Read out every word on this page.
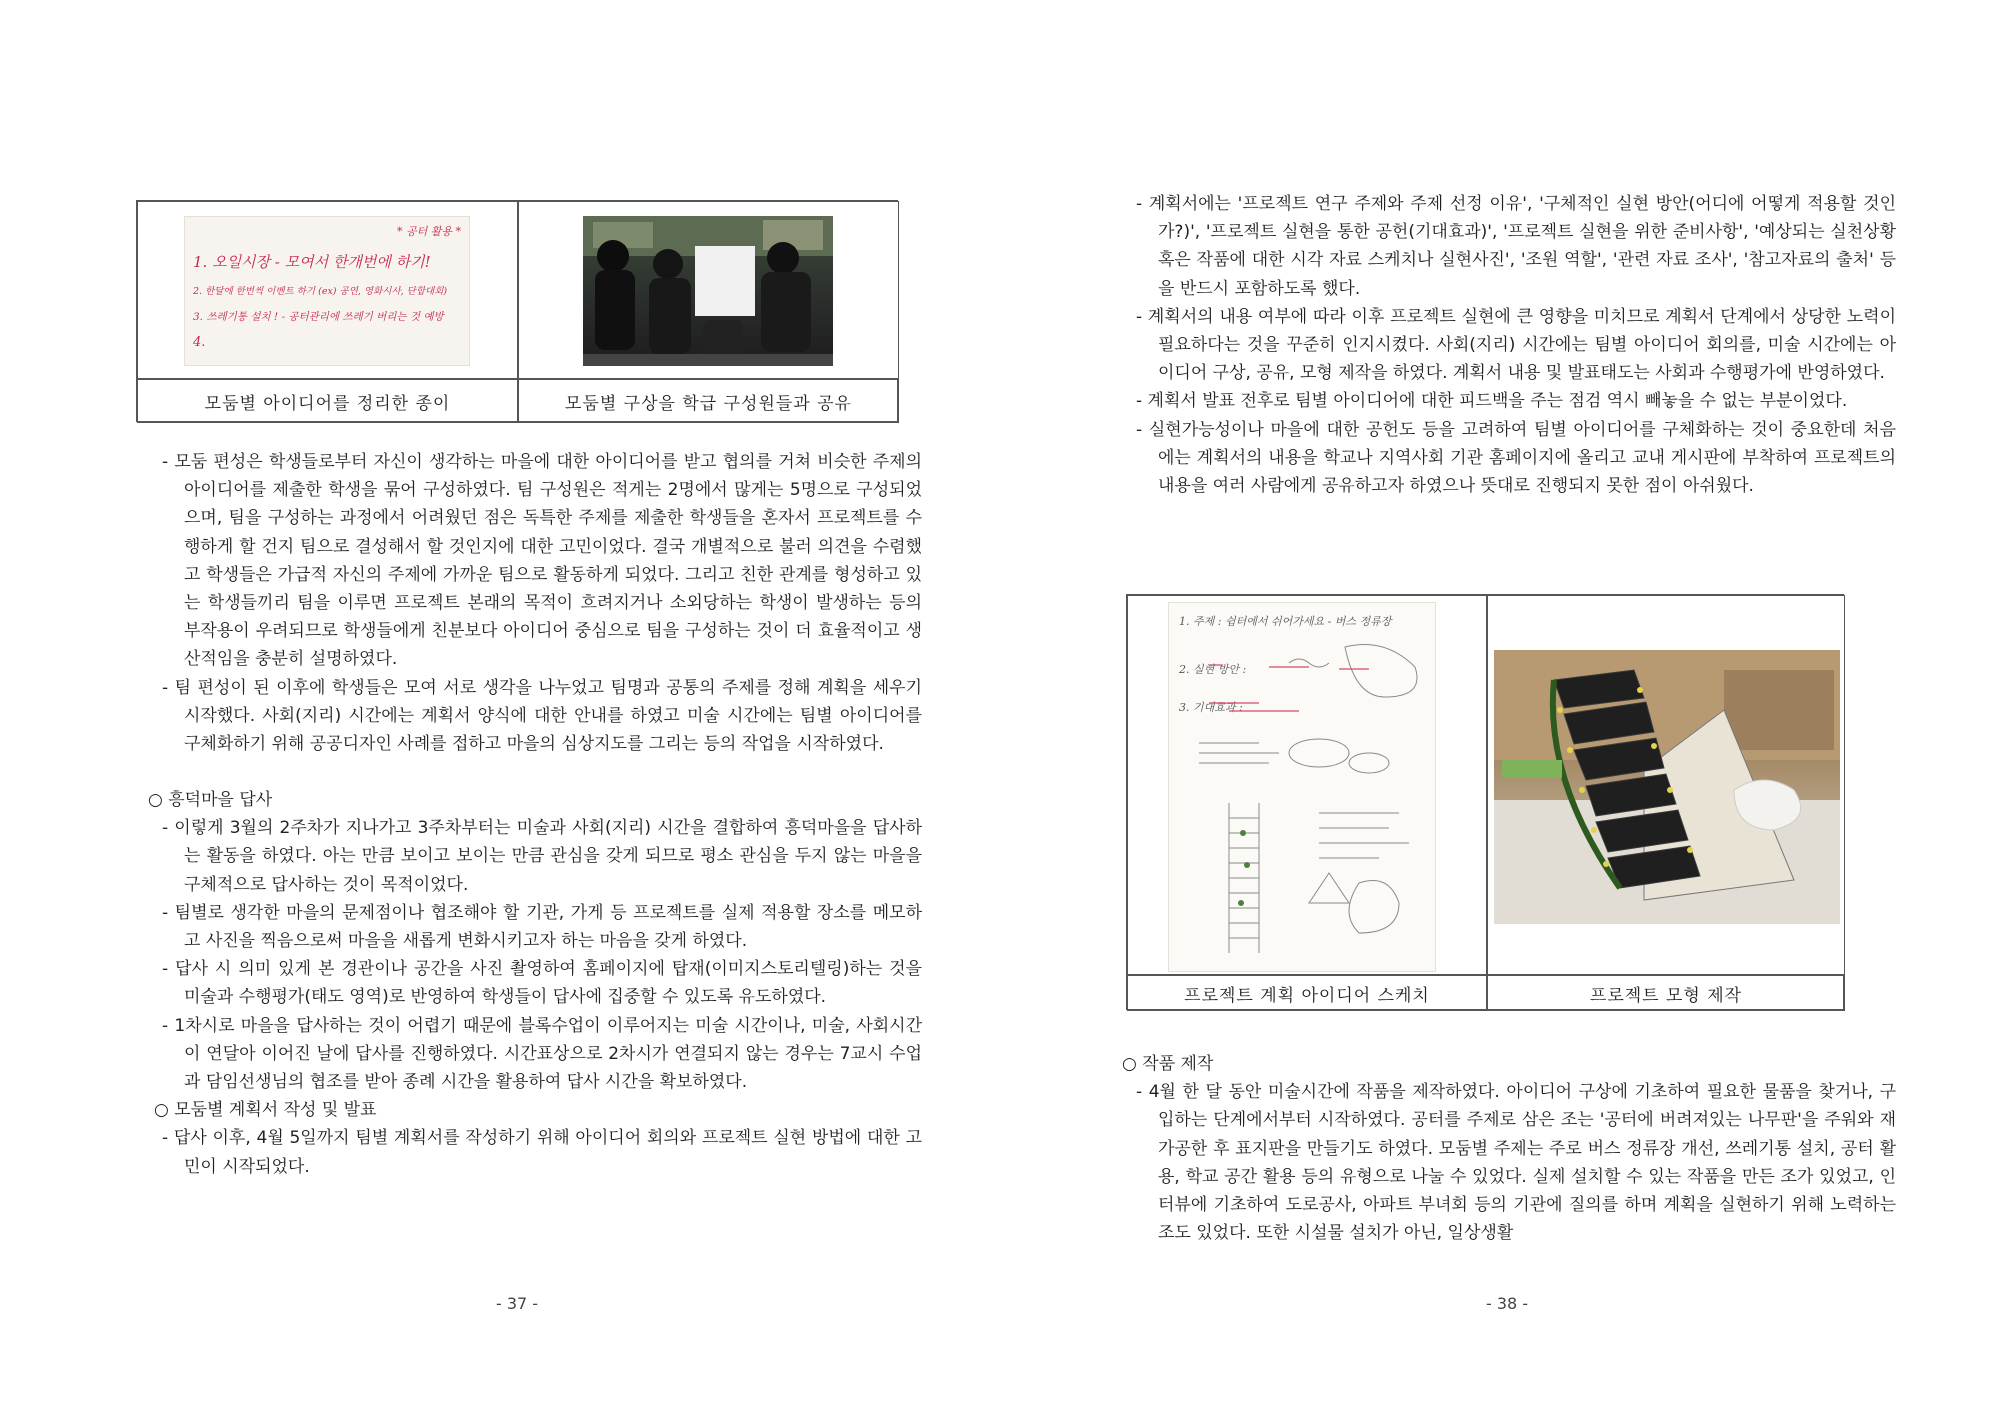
* 공터 활용 *
1. 오일시장 - 모여서 한개번에 하기!
2. 한달에 한번씩 이벤트 하기 (ex) 공연, 영화시사, 단합대회)
3. 쓰레기통 설치 ! - 공터관리에 쓰레기 버리는 것 예방
4.
모둠별 아이디어를 정리한 종이	모둠별 구상을 학급 구성원들과 공유

- 모둠 편성은 학생들로부터 자신이 생각하는 마을에 대한 아이디어를 받고 협의를 거쳐 비슷한 주제의 아이디어를 제출한 학생을 묶어 구성하였다. 팀 구성원은 적게는 2명에서 많게는 5명으로 구성되었으며, 팀을 구성하는 과정에서 어려웠던 점은 독특한 주제를 제출한 학생들을 혼자서 프로젝트를 수행하게 할 건지 팀으로 결성해서 할 것인지에 대한 고민이었다. 결국 개별적으로 불러 의견을 수렴했고 학생들은 가급적 자신의 주제에 가까운 팀으로 활동하게 되었다. 그리고 친한 관계를 형성하고 있는 학생들끼리 팀을 이루면 프로젝트 본래의 목적이 흐려지거나 소외당하는 학생이 발생하는 등의 부작용이 우려되므로 학생들에게 친분보다 아이디어 중심으로 팀을 구성하는 것이 더 효율적이고 생산적임을 충분히 설명하였다.

- 팀 편성이 된 이후에 학생들은 모여 서로 생각을 나누었고 팀명과 공통의 주제를 정해 계획을 세우기 시작했다. 사회(지리) 시간에는 계획서 양식에 대한 안내를 하였고 미술 시간에는 팀별 아이디어를 구체화하기 위해 공공디자인 사례를 접하고 마을의 심상지도를 그리는 등의 작업을 시작하였다.

○ 흥덕마을 답사

- 이렇게 3월의 2주차가 지나가고 3주차부터는 미술과 사회(지리) 시간을 결합하여 흥덕마을을 답사하는 활동을 하였다. 아는 만큼 보이고 보이는 만큼 관심을 갖게 되므로 평소 관심을 두지 않는 마을을 구체적으로 답사하는 것이 목적이었다.

- 팀별로 생각한 마을의 문제점이나 협조해야 할 기관, 가게 등 프로젝트를 실제 적용할 장소를 메모하고 사진을 찍음으로써 마을을 새롭게 변화시키고자 하는 마음을 갖게 하였다.

- 답사 시 의미 있게 본 경관이나 공간을 사진 촬영하여 홈페이지에 탑재(이미지스토리텔링)하는 것을 미술과 수행평가(태도 영역)로 반영하여 학생들이 답사에 집중할 수 있도록 유도하였다.

- 1차시로 마을을 답사하는 것이 어렵기 때문에 블록수업이 이루어지는 미술 시간이나, 미술, 사회시간이 연달아 이어진 날에 답사를 진행하였다. 시간표상으로 2차시가 연결되지 않는 경우는 7교시 수업과 담임선생님의 협조를 받아 종례 시간을 활용하여 답사 시간을 확보하였다.

○ 모둠별 계획서 작성 및 발표

- 답사 이후, 4월 5일까지 팀별 계획서를 작성하기 위해 아이디어 회의와 프로젝트 실현 방법에 대한 고민이 시작되었다.

- 37 -

- 계획서에는 '프로젝트 연구 주제와 주제 선정 이유', '구체적인 실현 방안(어디에 어떻게 적용할 것인가?)', '프로젝트 실현을 통한 공헌(기대효과)', '프로젝트 실현을 위한 준비사항', '예상되는 실천상황 혹은 작품에 대한 시각 자료 스케치나 실현사진', '조원 역할', '관련 자료 조사', '참고자료의 출처' 등을 반드시 포함하도록 했다.

- 계획서의 내용 여부에 따라 이후 프로젝트 실현에 큰 영향을 미치므로 계획서 단계에서 상당한 노력이 필요하다는 것을 꾸준히 인지시켰다. 사회(지리) 시간에는 팀별 아이디어 회의를, 미술 시간에는 아이디어 구상, 공유, 모형 제작을 하였다. 계획서 내용 및 발표태도는 사회과 수행평가에 반영하였다.

- 계획서 발표 전후로 팀별 아이디어에 대한 피드백을 주는 점검 역시 빼놓을 수 없는 부분이었다.

- 실현가능성이나 마을에 대한 공헌도 등을 고려하여 팀별 아이디어를 구체화하는 것이 중요한데 처음에는 계획서의 내용을 학교나 지역사회 기관 홈페이지에 올리고 교내 게시판에 부착하여 프로젝트의 내용을 여러 사람에게 공유하고자 하였으나 뜻대로 진행되지 못한 점이 아쉬웠다.

1. 주제 : 쉼터에서 쉬어가세요 - 버스 정류장
2. 실현 방안 :
3. 기대효과 :
프로젝트 계획 아이디어 스케치	프로젝트 모형 제작

○ 작품 제작

- 4월 한 달 동안 미술시간에 작품을 제작하였다. 아이디어 구상에 기초하여 필요한 물품을 찾거나, 구입하는 단계에서부터 시작하였다. 공터를 주제로 삼은 조는 '공터에 버려져있는 나무판'을 주워와 재가공한 후 표지판을 만들기도 하였다. 모둠별 주제는 주로 버스 정류장 개선, 쓰레기통 설치, 공터 활용, 학교 공간 활용 등의 유형으로 나눌 수 있었다. 실제 설치할 수 있는 작품을 만든 조가 있었고, 인터뷰에 기초하여 도로공사, 아파트 부녀회 등의 기관에 질의를 하며 계획을 실현하기 위해 노력하는 조도 있었다. 또한 시설물 설치가 아닌, 일상생활

- 38 -
